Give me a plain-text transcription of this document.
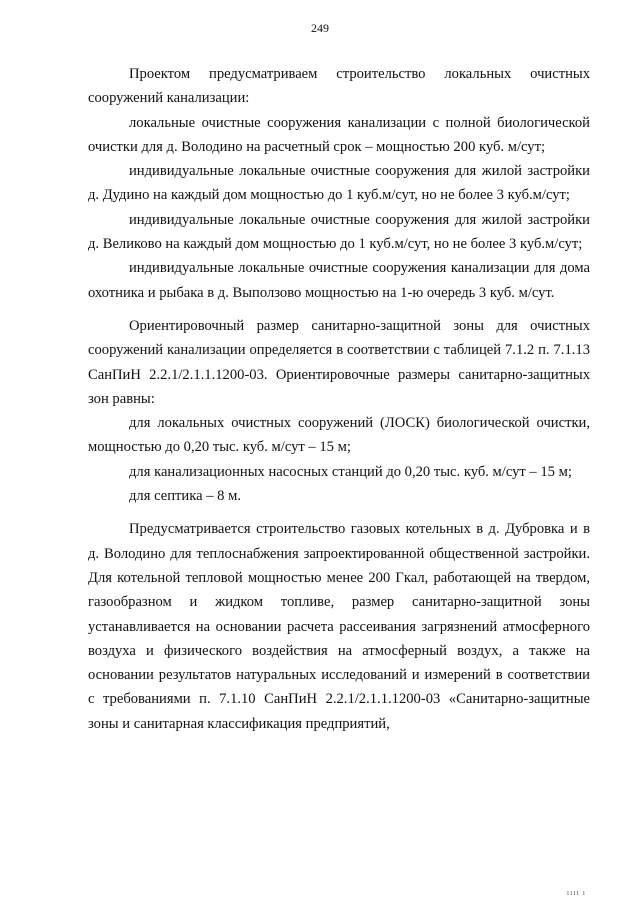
249

Проектом предусматриваем строительство локальных очистных сооружений канализации:

локальные очистные сооружения канализации с полной биологической очистки для д. Володино на расчетный срок – мощностью 200 куб. м/сут;

индивидуальные локальные очистные сооружения для жилой застройки д. Дудино на каждый дом мощностью до 1 куб.м/сут, но не более 3 куб.м/сут;

индивидуальные локальные очистные сооружения для жилой застройки д. Великово на каждый дом мощностью до 1 куб.м/сут, но не более 3 куб.м/сут;

индивидуальные локальные очистные сооружения канализации для дома охотника и рыбака в д. Выползово мощностью на 1-ю очередь 3 куб. м/сут.

Ориентировочный размер санитарно-защитной зоны для очистных сооружений канализации определяется в соответствии с таблицей 7.1.2 п. 7.1.13 СанПиН 2.2.1/2.1.1.1200-03. Ориентировочные размеры санитарно-защитных зон равны:

для локальных очистных сооружений (ЛОСК) биологической очистки, мощностью до 0,20 тыс. куб. м/сут – 15 м;

для канализационных насосных станций до 0,20 тыс. куб. м/сут – 15 м;

для септика – 8 м.

Предусматривается строительство газовых котельных в д. Дубровка и в д. Володино для теплоснабжения запроектированной общественной застройки. Для котельной тепловой мощностью менее 200 Гкал, работающей на твердом, газообразном и жидком топливе, размер санитарно-защитной зоны устанавливается на основании расчета рассеивания загрязнений атмосферного воздуха и физического воздействия на атмосферный воздух, а также на основании результатов натуральных исследований и измерений в соответствии с требованиями п. 7.1.10 СанПиН 2.2.1/2.1.1.1200-03 «Санитарно-защитные зоны и санитарная классификация предприятий,

ıııı ı
